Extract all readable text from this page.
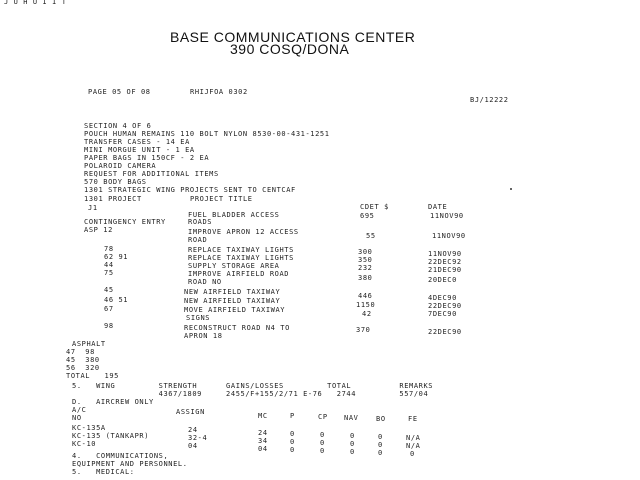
J U H U I I T
BASE COMMUNICATIONS CENTER
390 COSQ/DONA
PAGE 05 OF 08	RHIJFOA 0302
BJ/12222
SECTION 4 OF 6
POUCH HUMAN REMAINS 110 BOLT NYLON 8530-00-431-1251
TRANSFER CASES - 14 EA
MINI MORGUE UNIT - 1 EA
PAPER BAGS IN 150CF - 2 EA
POLAROID CAMERA
REQUEST FOR ADDITIONAL ITEMS
570 BODY BAGS
1301 STRATEGIC WING PROJECTS SENT TO CENTCAF
1301 PROJECT	PROJECT TITLE
CDET $	DATE
J1
FUEL BLADDER ACCESS	695	11NOV90
CONTINGENCY ENTRY	ROADS
ASP 12	IMPROVE APRON 12 ACCESS	55	11NOV90
ROAD
78	REPLACE TAXIWAY LIGHTS	300	11NOV90
62 91	REPLACE TAXIWAY LIGHTS	350	22DEC92
44	SUPPLY STORAGE AREA	232	21DEC90
75	IMPROVE AIRFIELD ROAD	380	20DEC0
ROAD NO
45	NEW AIRFIELD TAXIWAY	446	4DEC90
46 51	NEW AIRFIELD TAXIWAY	1150	22DEC90
67	MOVE AIRFIELD TAXIWAY	42	7DEC90
SIGNS
98	RECONSTRUCT ROAD N4 TO	370	22DEC90
APRON 18
ASPHALT
47  98
45  380
56  320
TOTAL   195
5.   WING         STRENGTH      GAINS/LOSSES         TOTAL          REMARKS
4367/1809     2455/F+155/2/71 E-76   2744         557/04
D.   AIRCREW ONLY
A/C	ASSIGN	MC	P	CP NAV	BO	FE
NO
KC-135A	24	24	0	0	0	0	N/A
KC-135 (TANKAPR)	32-4	34	0	0	0	0	N/A
KC-10	04	04	0	0	0	0	0
4.   COMMUNICATIONS,
EQUIPMENT AND PERSONNEL.
5.   MEDICAL:
